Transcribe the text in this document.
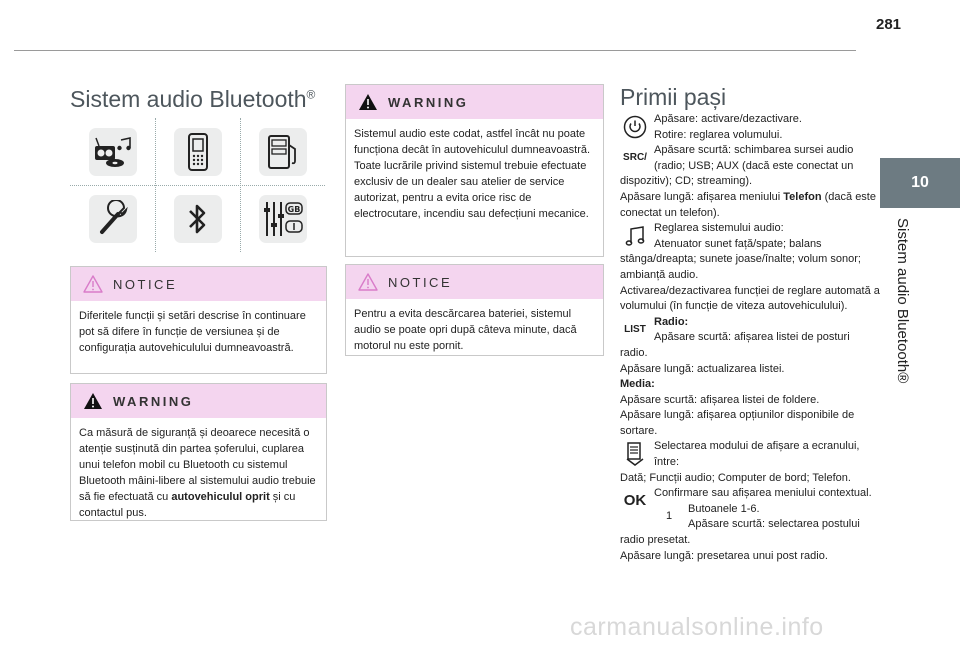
281
10
Sistem audio Bluetooth®
Sistem audio Bluetooth®
GB
NOTICE
Diferitele funcții și setări descrise în continuare pot să difere în funcție de versiunea și de configurația autovehiculului dumneavoastră.
WARNING
Ca măsură de siguranță și deoarece necesită o atenție susținută din partea șoferului, cuplarea unui telefon mobil cu Bluetooth cu sistemul Bluetooth mâini-libere al sistemului audio trebuie să fie efectuată cu autovehiculul oprit și cu contactul pus.
WARNING
Sistemul audio este codat, astfel încât nu poate funcționa decât în autovehiculul dumneavoastră.
Toate lucrările privind sistemul trebuie efectuate exclusiv de un dealer sau atelier de service autorizat, pentru a evita orice risc de electrocutare, incendiu sau defecțiuni mecanice.
NOTICE
Pentru a evita descărcarea bateriei, sistemul audio se poate opri după câteva minute, dacă motorul nu este pornit.
Primii pași

Apăsare: activare/dezactivare.

Rotire: reglarea volumului.

SRC /

Apăsare scurtă: schimbarea sursei audio (radio; USB; AUX (dacă este conectat un dispozitiv); CD; streaming).

Apăsare lungă: afișarea meniului Telefon (dacă este conectat un telefon).

Reglarea sistemului audio:

Atenuator sunet față/spate; balans stânga/dreapta; sunete joase/înalte; volum sonor; ambianță audio.

Activarea/dezactivarea funcției de reglare automată a volumului (în funcție de viteza autovehiculului).

LIST

Radio:

Apăsare scurtă: afișarea listei de posturi radio.

Apăsare lungă: actualizarea listei.

Media:

Apăsare scurtă: afișarea listei de foldere.

Apăsare lungă: afișarea opțiunilor disponibile de sortare.

Selectarea modului de afișare a ecranului, între:

Dată; Funcții audio; Computer de bord; Telefon.

OK Confirmare sau afișarea meniului contextual.

1

Butoanele 1-6.

Apăsare scurtă: selectarea postului radio presetat.

Apăsare lungă: presetarea unui post radio.

carmanualsonline.info
